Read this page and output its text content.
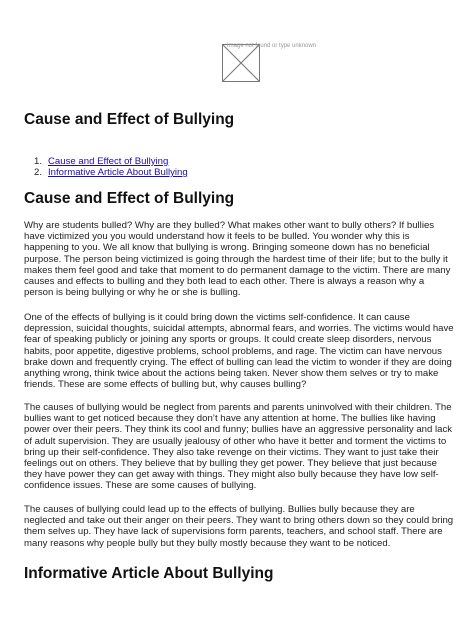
Image not found or type unknown
Cause and Effect of Bullying
1. Cause and Effect of Bullying
2. Informative Article About Bullying
Cause and Effect of Bullying
Why are students bulled? Why are they bulled? What makes other want to bully others? If bullies
have victimized you you would understand how it feels to be bulled. You wonder why this is
happening to you. We all know that bullying is wrong. Bringing someone down has no beneficial
purpose. The person being victimized is going through the hardest time of their life; but to the bully it
makes them feel good and take that moment to do permanent damage to the victim. There are many
causes and effects to bulling and they both lead to each other. There is always a reason why a
person is being bullying or why he or she is bulling.
One of the effects of bullying is it could bring down the victims self-confidence. It can cause
depression, suicidal thoughts, suicidal attempts, abnormal fears, and worries. The victims would have
fear of speaking publicly or joining any sports or groups. It could create sleep disorders, nervous
habits, poor appetite, digestive problems, school problems, and rage. The victim can have nervous
brake down and frequently crying. The effect of bulling can lead the victim to wonder if they are doing
anything wrong, think twice about the actions being taken. Never show them selves or try to make
friends. These are some effects of bulling but, why causes bulling?
The causes of bullying would be neglect from parents and parents uninvolved with their children. The
bullies want to get noticed because they don’t have any attention at home. The bullies like having
power over their peers. They think its cool and funny; bullies have an aggressive personality and lack
of adult supervision. They are usually jealousy of other who have it better and torment the victims to
bring up their self-confidence. They also take revenge on their victims. They want to just take their
feelings out on others. They believe that by bulling they get power. They believe that just because
they have power they can get away with things. They might also bully because they have low self-
confidence issues. These are some causes of bullying.
The causes of bullying could lead up to the effects of bullying. Bullies bully because they are
neglected and take out their anger on their peers. They want to bring others down so they could bring
them selves up. They have lack of supervisions form parents, teachers, and school staff. There are
many reasons why people bully but they bully mostly because they want to be noticed.
Informative Article About Bullying
